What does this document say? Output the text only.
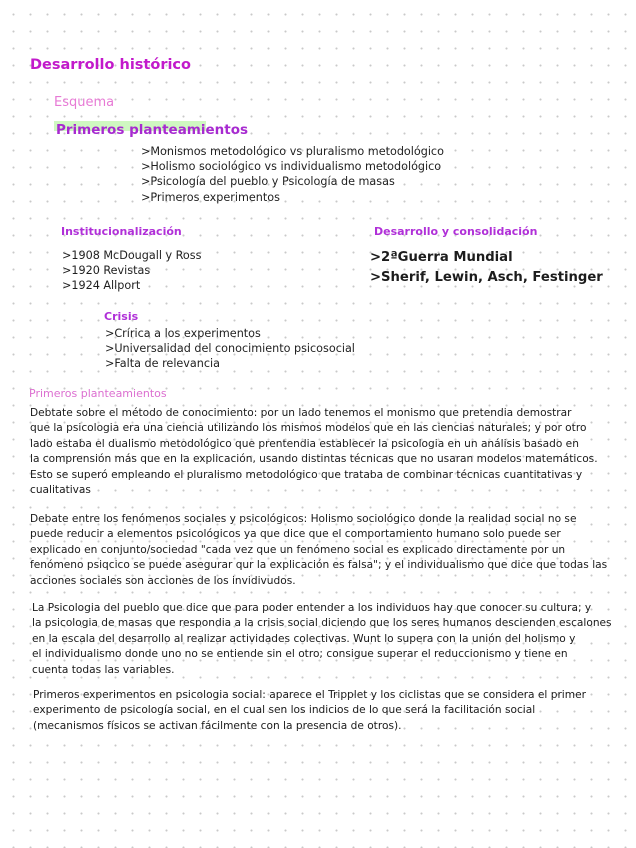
Desarrollo histórico
Esquema
Primeros planteamientos
>Monismos metodológico vs pluralismo metodológico
>Holismo sociológico vs individualismo metodológico
>Psicología del pueblo y Psicología de masas
>Primeros experimentos
Institucionalización
>1908 McDougall y Ross
>1920 Revistas
>1924 Allport
Desarrollo y consolidación
>2ªGuerra Mundial
>Sherif, Lewin, Asch, Festinger
Crisis
>Crírica a los experimentos
>Universalidad del conocimiento psicosocial
>Falta de relevancia
Primeros planteamientos
Debtate sobre el método de conocimiento: por un lado tenemos el monismo que pretendia demostrar
que la psicologia era una ciencia utilizando los mismos modelos que en las ciencias naturales; y por otro
lado estaba el dualismo metodológico que prentendia establecer la psicologia en un análisis basado en
la comprensión más que en la explicación, usando distintas técnicas que no usaran modelos matemáticos.
Esto se superó empleando el pluralismo metodológico que trataba de combinar técnicas cuantitativas y
cualitativas
Debate entre los fenómenos sociales y psicológicos: Holismo sociológico donde la realidad social no se
puede reducir a elementos psicológicos ya que dice que el comportamiento humano solo puede ser
explicado en conjunto/sociedad "cada vez que un fenómeno social es explicado directamente por un
fenómeno psiqcico se puede asegurar qur la explicación es falsa"; y el individualismo que dice que todas las
acciones sociales son acciones de los invidivudos.
La Psicologia del pueblo que dice que para poder entender a los individuos hay que conocer su cultura; y
la psicologia de masas que respondia a la crisis social diciendo que los seres humanos descienden escalones
en la escala del desarrollo al realizar actividades colectivas. Wunt lo supera con la unión del holismo y
el individualismo donde uno no se entiende sin el otro; consigue superar el reduccionismo y tiene en
cuenta todas las variables.
Primeros experimentos en psicologia social: aparece el Tripplet y los ciclistas que se considera el primer
experimento de psicología social, en el cual sen los indicios de lo que será la facilitación social
(mecanismos físicos se activan fácilmente con la presencia de otros).
